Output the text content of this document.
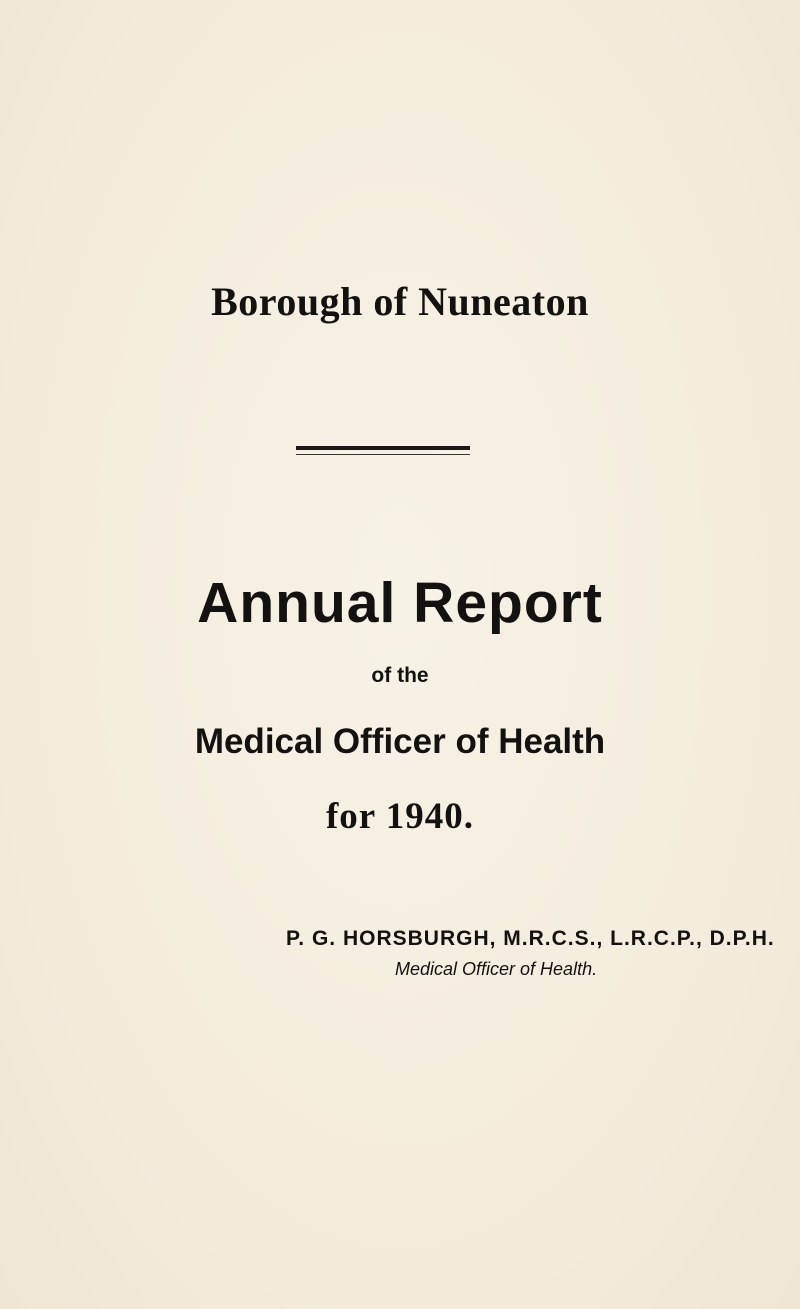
Borough of Nuneaton
Annual Report
of the
Medical Officer of Health
for 1940.
P. G. HORSBURGH, M.R.C.S., L.R.C.P., D.P.H.
Medical Officer of Health.
